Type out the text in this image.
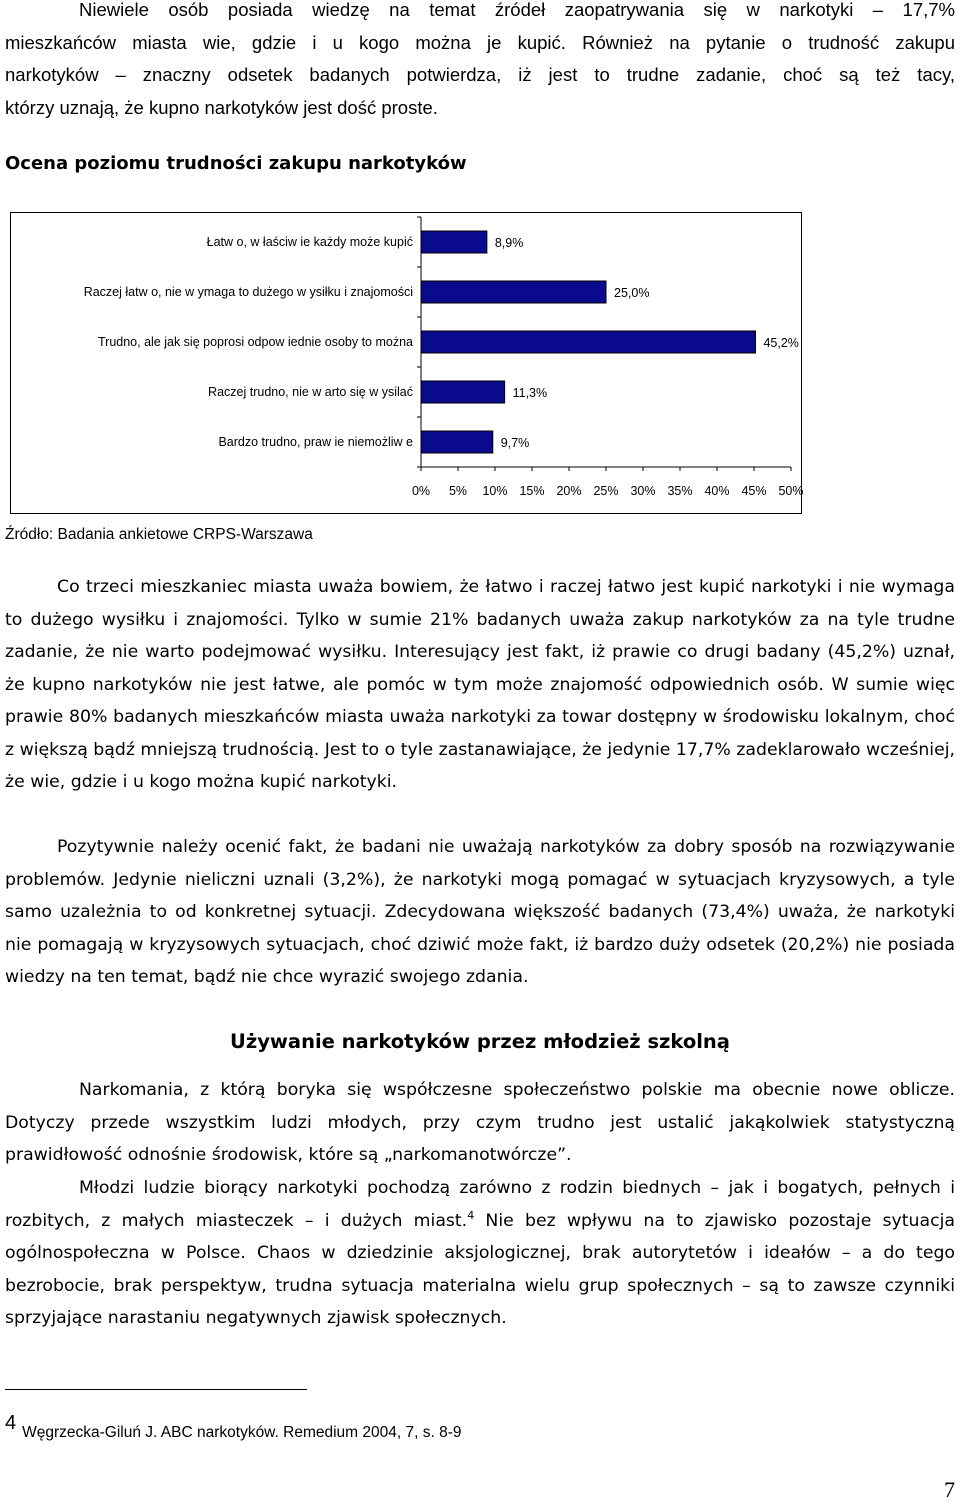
Niewiele osób posiada wiedzę na temat źródeł zaopatrywania się w narkotyki – 17,7%
mieszkańców miasta wie, gdzie i u kogo można je kupić. Również na pytanie o trudność zakupu
narkotyków – znaczny odsetek badanych potwierdza, iż jest to trudne zadanie, choć są też tacy,
którzy uznają, że kupno narkotyków jest dość proste.
Ocena poziomu trudności zakupu narkotyków
Łatw o, w łaściw ie każdy może kupić	8,9%
Raczej łatw o, nie w ymaga to dużego w ysiłku i znajomości	25,0%
Trudno, ale jak się poprosi odpow iednie osoby to można	45,2%
Raczej trudno, nie w arto się w ysilać	11,3%
Bardzo trudno, praw ie niemożliw e	9,7%
0% 5% 10% 15% 20% 25% 30% 35% 40% 45% 50%
Źródło: Badania ankietowe CRPS-Warszawa

Co trzeci mieszkaniec miasta uważa bowiem, że łatwo i raczej łatwo jest kupić narkotyki i nie wymaga to dużego wysiłku i znajomości. Tylko w sumie 21% badanych uważa zakup narkotyków za na tyle trudne zadanie, że nie warto podejmować wysiłku. Interesujący jest fakt, iż prawie co drugi badany (45,2%) uznał, że kupno narkotyków nie jest łatwe, ale pomóc w tym może znajomość odpowiednich osób. W sumie więc prawie 80% badanych mieszkańców miasta uważa narkotyki za towar dostępny w środowisku lokalnym, choć z większą bądź mniejszą trudnością. Jest to o tyle zastanawiające, że jedynie 17,7% zadeklarowało wcześniej, że wie, gdzie i u kogo można kupić narkotyki.

Pozytywnie należy ocenić fakt, że badani nie uważają narkotyków za dobry sposób na rozwiązywanie problemów. Jedynie nieliczni uznali (3,2%), że narkotyki mogą pomagać w sytuacjach kryzysowych, a tyle samo uzależnia to od konkretnej sytuacji. Zdecydowana większość badanych (73,4%) uważa, że narkotyki nie pomagają w kryzysowych sytuacjach, choć dziwić może fakt, iż bardzo duży odsetek (20,2%) nie posiada wiedzy na ten temat, bądź nie chce wyrazić swojego zdania.

Używanie narkotyków przez młodzież szkolną

Narkomania, z którą boryka się współczesne społeczeństwo polskie ma obecnie nowe oblicze. Dotyczy przede wszystkim ludzi młodych, przy czym trudno jest ustalić jakąkolwiek statystyczną prawidłowość odnośnie środowisk, które są „narkomanotwórcze”.

Młodzi ludzie biorący narkotyki pochodzą zarówno z rodzin biednych – jak i bogatych, pełnych i rozbitych, z małych miasteczek – i dużych miast.$^4$ Nie bez wpływu na to zjawisko pozostaje sytuacja ogólnospołeczna w Polsce. Chaos w dziedzinie aksjologicznej, brak autorytetów i ideałów – a do tego bezrobocie, brak perspektyw, trudna sytuacja materialna wielu grup społecznych – są to zawsze czynniki sprzyjające narastaniu negatywnych zjawisk społecznych.

4 Węgrzecka-Giluń J. ABC narkotyków. Remedium 2004, 7, s. 8-9
7
